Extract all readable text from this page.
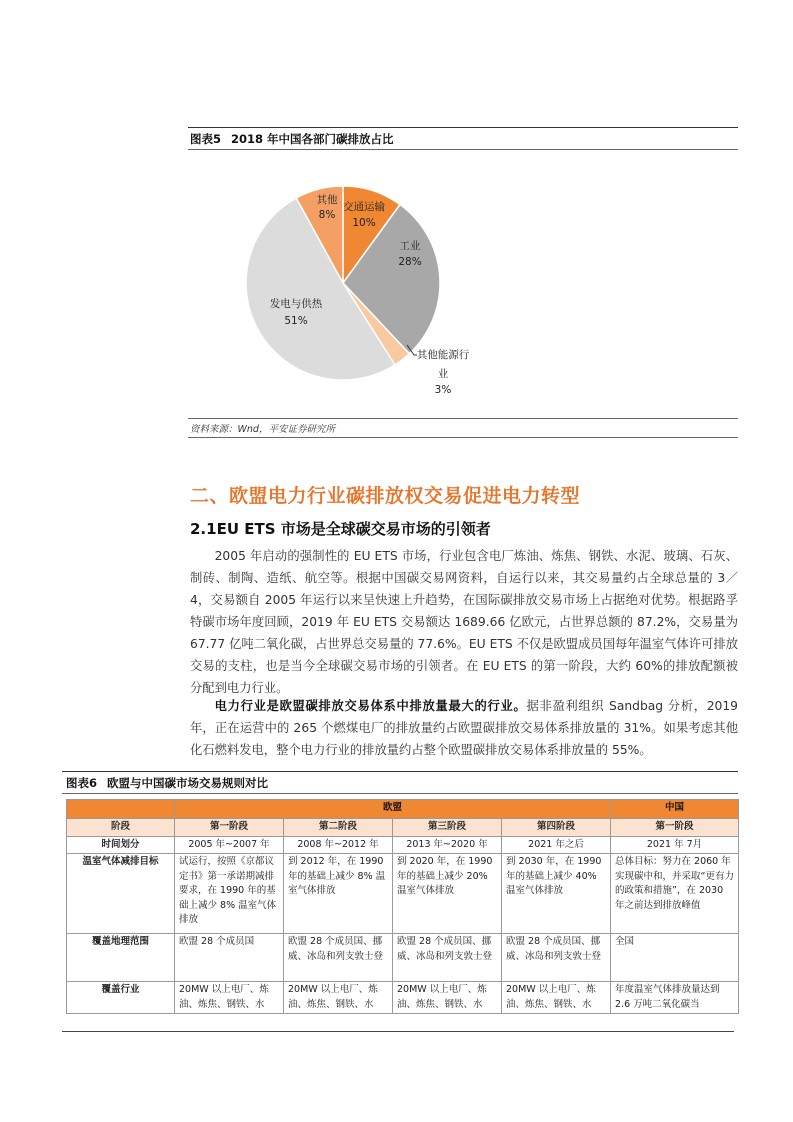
图表5 2018 年中国各部门碳排放占比
交通运输
10%
工业
28%
其他能源行
业
3%
发电与供热
51%
其他
8%
资料来源：Wnd，平安证券研究所
二、欧盟电力行业碳排放权交易促进电力转型
2.1EU ETS 市场是全球碳交易市场的引领者
2005 年启动的强制性的 EU ETS 市场，行业包含电厂炼油、炼焦、钢铁、水泥、玻璃、石灰、制砖、制陶、造纸、航空等。根据中国碳交易网资料，自运行以来，其交易量约占全球总量的 3／4，交易额自 2005 年运行以来呈快速上升趋势，在国际碳排放交易市场上占据绝对优势。根据路孚特碳市场年度回顾，2019 年 EU ETS 交易额达 1689.66 亿欧元，占世界总额的 87.2%，交易量为 67.77 亿吨二氧化碳，占世界总交易量的 77.6%。EU ETS 不仅是欧盟成员国每年温室气体许可排放交易的支柱，也是当今全球碳交易市场的引领者。在 EU ETS 的第一阶段，大约 60%的排放配额被分配到电力行业。
电力行业是欧盟碳排放交易体系中排放量最大的行业。据非盈利组织 Sandbag 分析，2019 年，正在运营中的 265 个燃煤电厂的排放量约占欧盟碳排放交易体系排放量的 31%。如果考虑其他化石燃料发电，整个电力行业的排放量约占整个欧盟碳排放交易体系排放量的 55%。
图表6 欧盟与中国碳市场交易规则对比
	欧盟				中国
阶段	第一阶段	第二阶段	第三阶段	第四阶段	第一阶段
时间划分	2005 年~2007 年	2008 年~2012 年	2013 年~2020 年	2021 年之后	2021 年 7月
温室气体减排目标	试运行，按照《京都议定书》第一承诺期减排要求，在 1990 年的基础上减少 8% 温室气体排放	到 2012 年，在 1990 年的基础上减少 8% 温室气体排放	到 2020 年，在 1990 年的基础上减少 20% 温室气体排放	到 2030 年，在 1990 年的基础上减少 40% 温室气体排放	总体目标：努力在 2060 年实现碳中和，并采取“更有力的政策和措施”，在 2030 年之前达到排放峰值
覆盖地理范围	欧盟 28 个成员国	欧盟 28 个成员国、挪威、冰岛和列支敦士登	欧盟 28 个成员国、挪威、冰岛和列支敦士登	欧盟 28 个成员国、挪威、冰岛和列支敦士登	全国
覆盖行业	20MW 以上电厂、炼油、炼焦、钢铁、水	20MW 以上电厂、炼油、炼焦、钢铁、水	20MW 以上电厂、炼油、炼焦、钢铁、水	20MW 以上电厂、炼油、炼焦、钢铁、水	年度温室气体排放量达到 2.6 万吨二氧化碳当
